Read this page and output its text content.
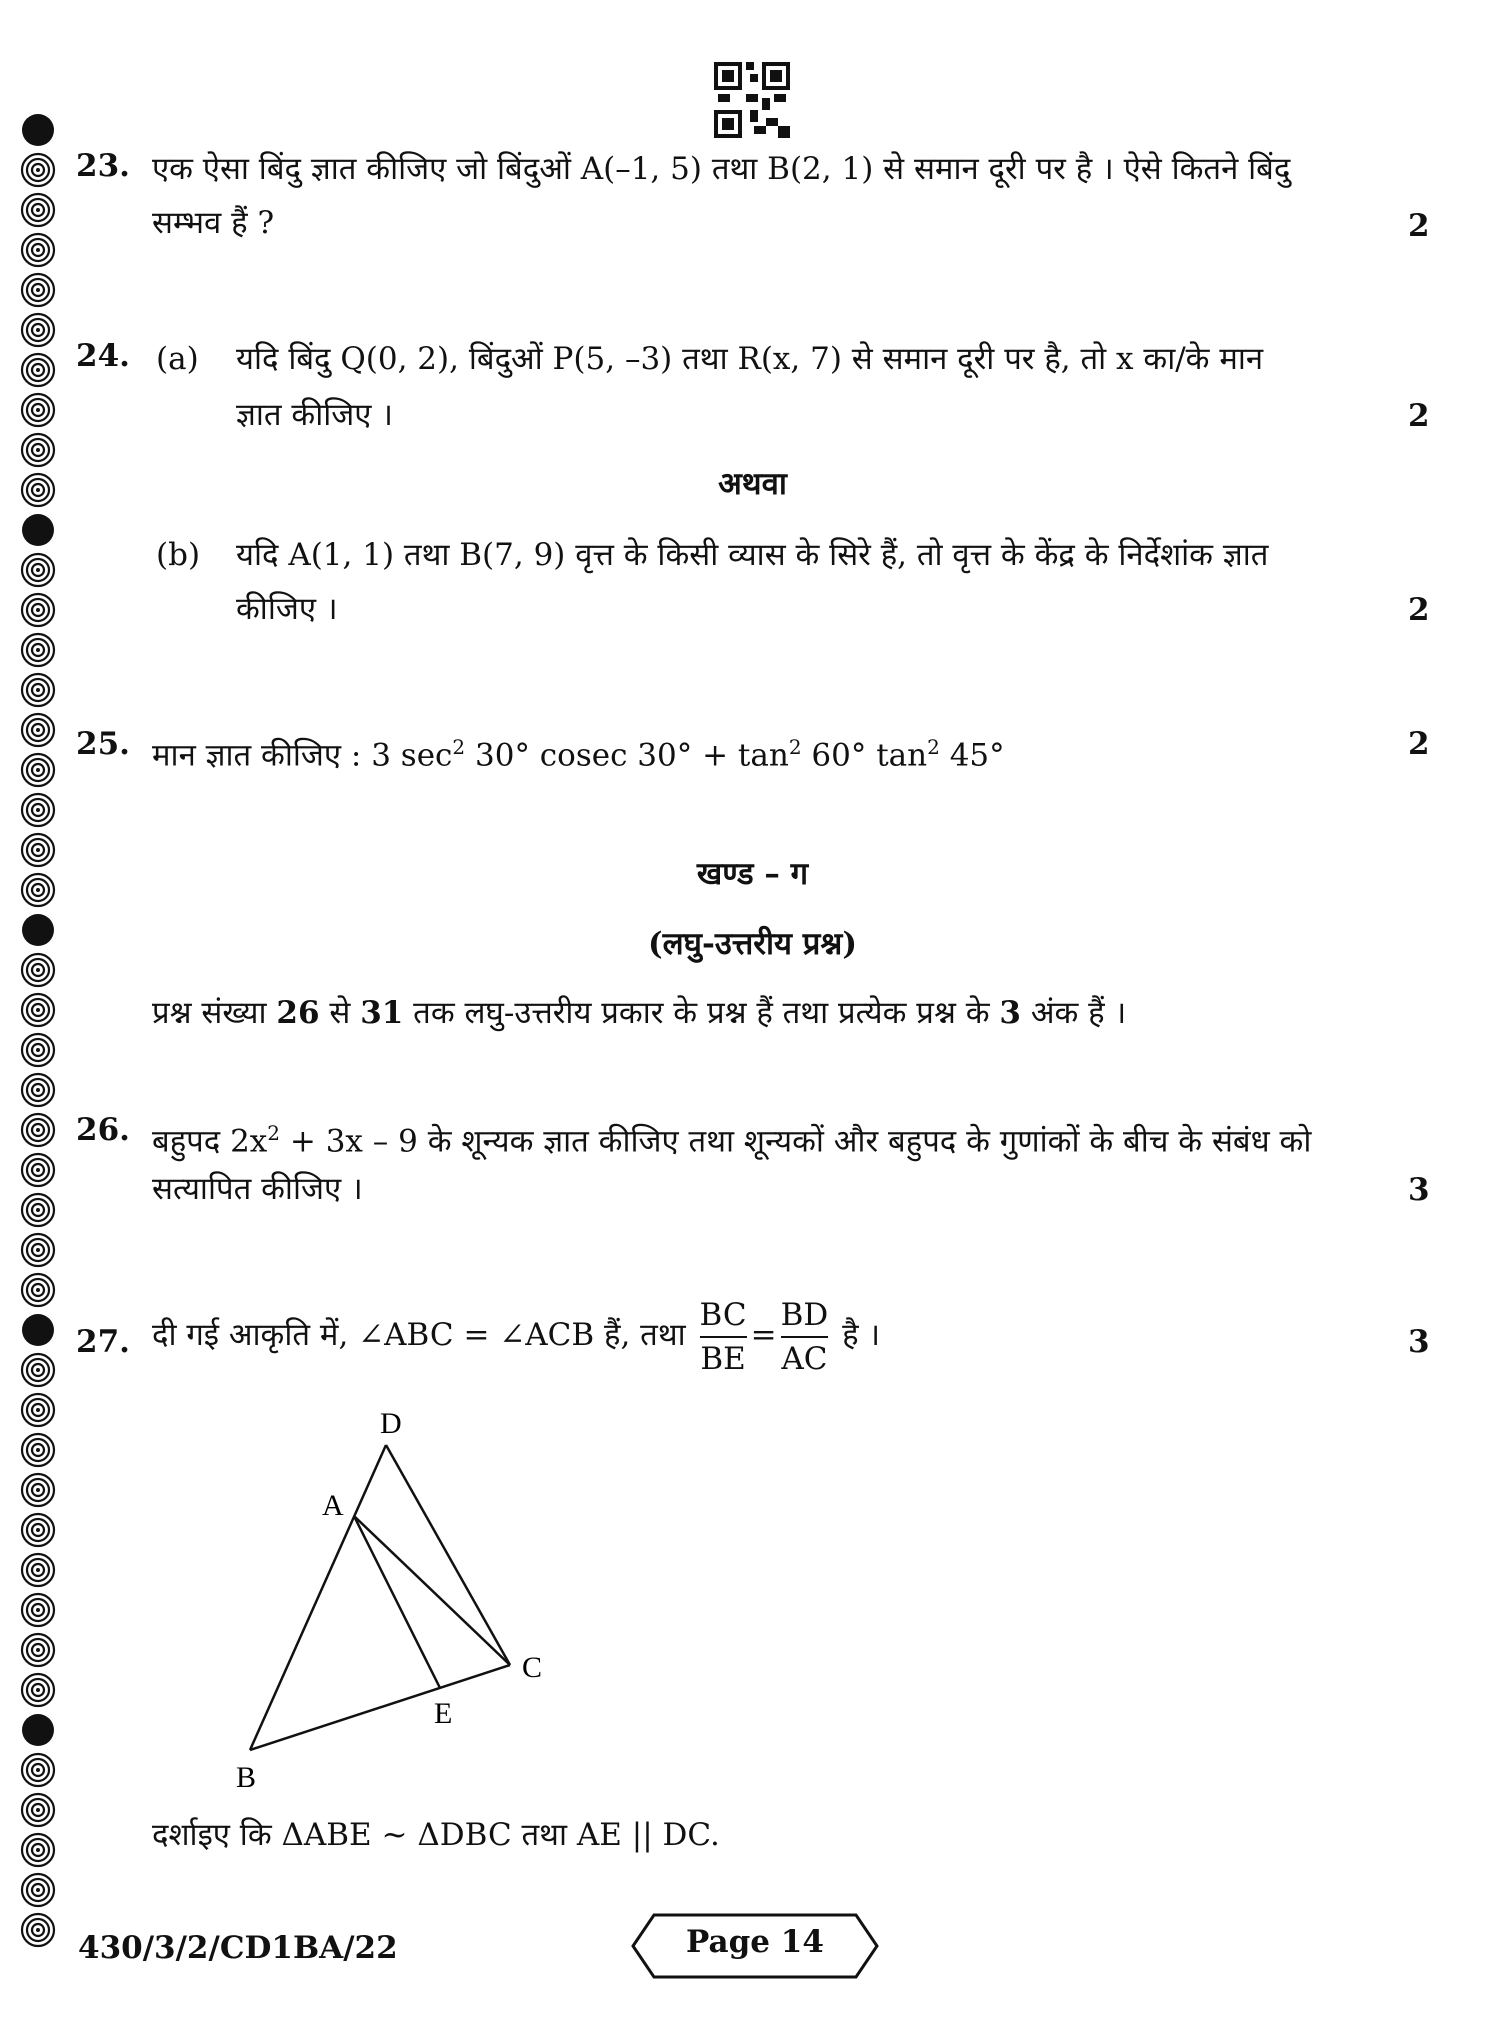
23. एक ऐसा बिंदु ज्ञात कीजिए जो बिंदुओं A(–1, 5) तथा B(2, 1) से समान दूरी पर है । ऐसे कितने बिंदु
सम्भव हैं ?	2
24. (a) यदि बिंदु Q(0, 2), बिंदुओं P(5, –3) तथा R(x, 7) से समान दूरी पर है, तो x का/के मान
ज्ञात कीजिए ।	2
अथवा
(b) यदि A(1, 1) तथा B(7, 9) वृत्त के किसी व्यास के सिरे हैं, तो वृत्त के केंद्र के निर्देशांक ज्ञात
कीजिए ।	2
25. मान ज्ञात कीजिए : 3 $\sec^2 30^\circ$ cosec $30^\circ + \tan^2 60^\circ$ $\tan^2 45^\circ$	2
खण्ड – ग
(लघु-उत्तरीय प्रश्न)
प्रश्न संख्या 26 से 31 तक लघु-उत्तरीय प्रकार के प्रश्न हैं तथा प्रत्येक प्रश्न के 3 अंक हैं ।
26. बहुपद $2x^2 + 3x - 9$ के शून्यक ज्ञात कीजिए तथा शून्यकों और बहुपद के गुणांकों के बीच के संबंध को
सत्यापित कीजिए ।	3
27. दी गई आकृति में, ∠ABC = ∠ACB हैं, तथा $\frac{BC}{BE} = \frac{BD}{AC}$ है ।	3
D
A
C
E
B
दर्शाइए कि ΔABE ~ ΔDBC तथा AE || DC.
430/3/2/CD1BA/22	Page 14
